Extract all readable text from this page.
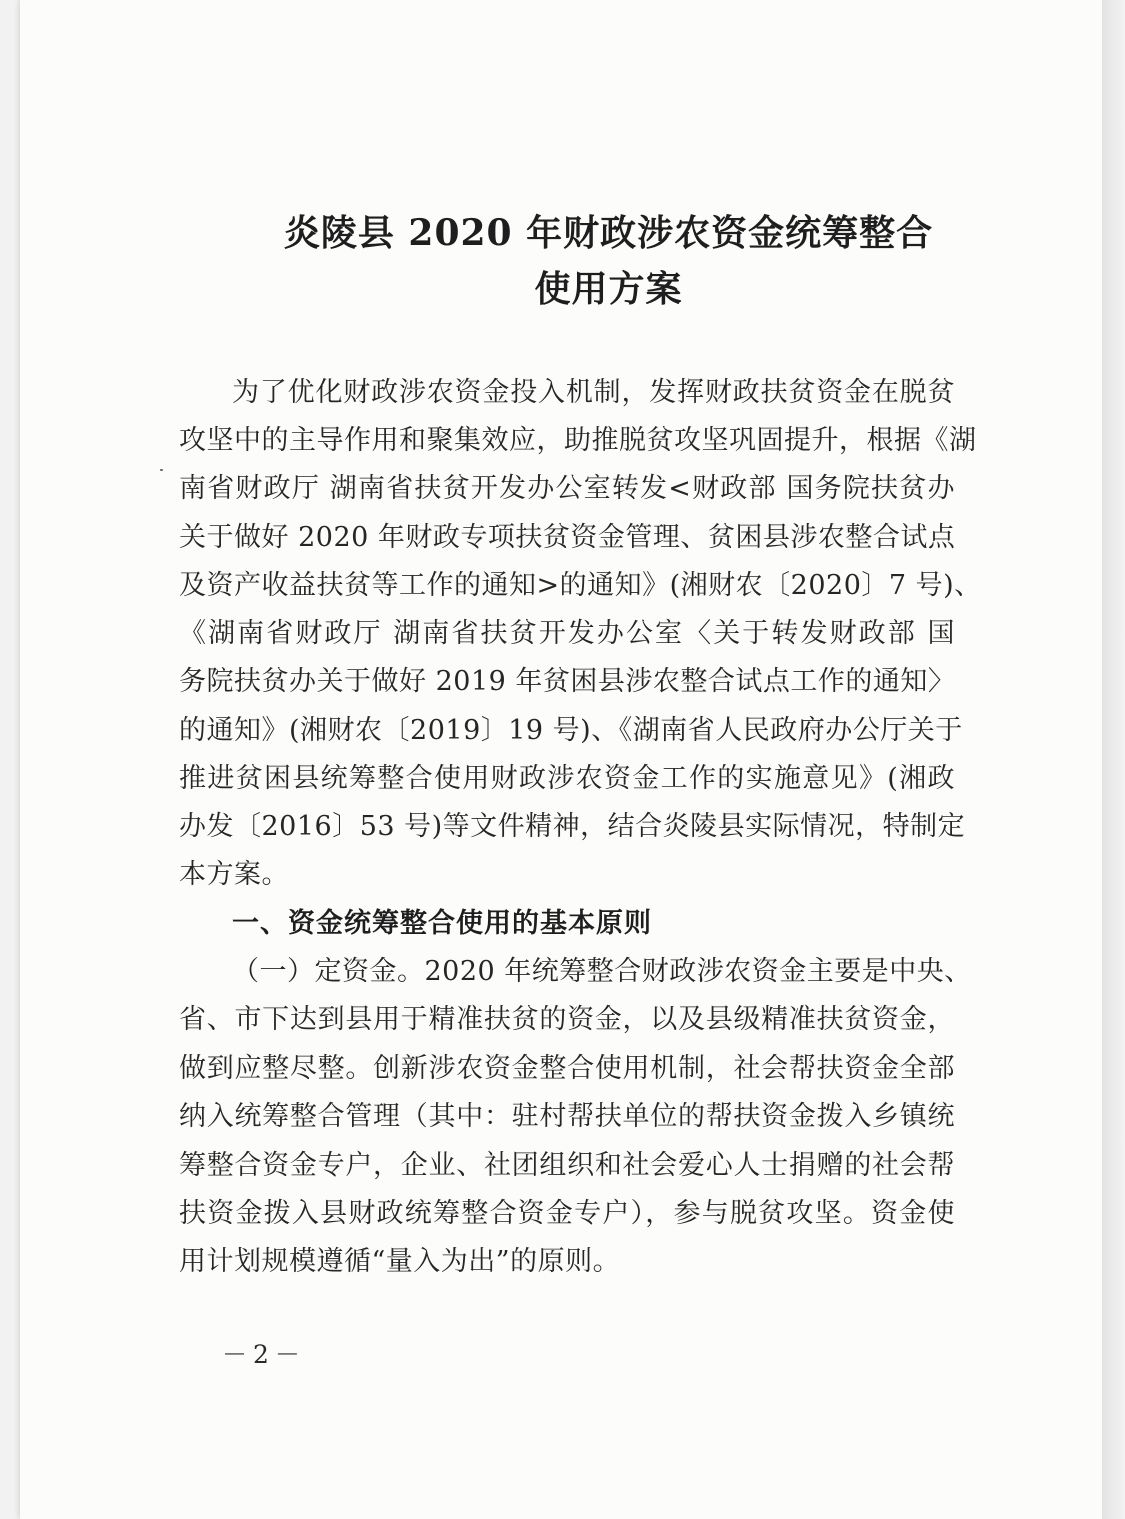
炎陵县 2020 年财政涉农资金统筹整合
使用方案
为了优化财政涉农资金投入机制，发挥财政扶贫资金在脱贫
攻坚中的主导作用和聚集效应，助推脱贫攻坚巩固提升，根据《湖
南省财政厅 湖南省扶贫开发办公室转发<财政部 国务院扶贫办
关于做好 2020 年财政专项扶贫资金管理、贫困县涉农整合试点
及资产收益扶贫等工作的通知>的通知》(湘财农〔2020〕7 号)、
《湖南省财政厅 湖南省扶贫开发办公室〈关于转发财政部 国
务院扶贫办关于做好 2019 年贫困县涉农整合试点工作的通知〉
的通知》(湘财农〔2019〕19 号)、《湖南省人民政府办公厅关于
推进贫困县统筹整合使用财政涉农资金工作的实施意见》(湘政
办发〔2016〕53 号)等文件精神，结合炎陵县实际情况，特制定
本方案。
一、资金统筹整合使用的基本原则
（一）定资金。2020 年统筹整合财政涉农资金主要是中央、
省、市下达到县用于精准扶贫的资金，以及县级精准扶贫资金，
做到应整尽整。创新涉农资金整合使用机制，社会帮扶资金全部
纳入统筹整合管理（其中：驻村帮扶单位的帮扶资金拨入乡镇统
筹整合资金专户，企业、社团组织和社会爱心人士捐赠的社会帮
扶资金拨入县财政统筹整合资金专户），参与脱贫攻坚。资金使
用计划规模遵循“量入为出”的原则。
－2－
